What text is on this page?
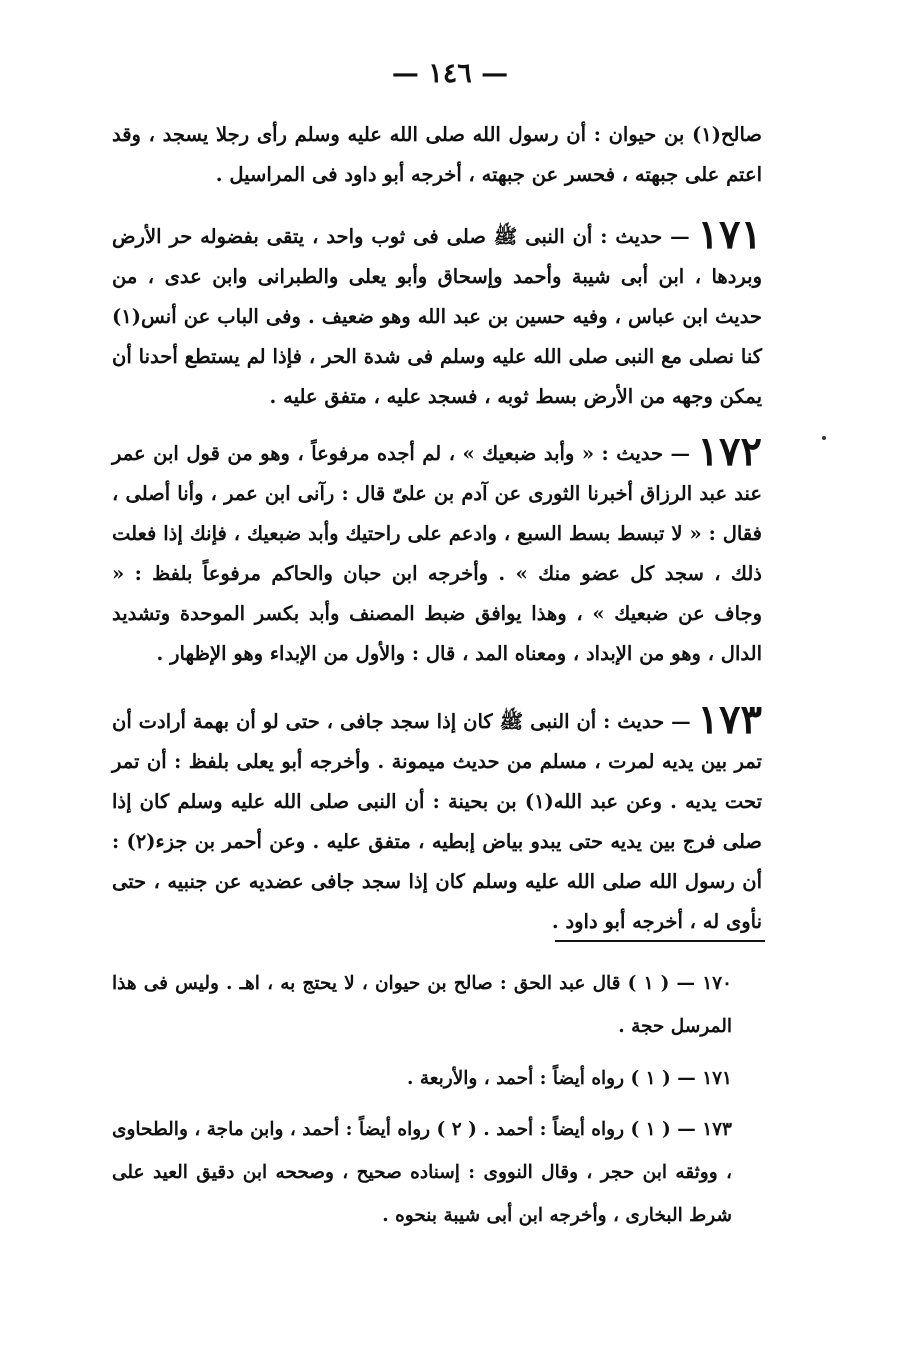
— ١٤٦ —

صالح(١) بن حيوان : أن رسول الله صلى الله عليه وسلم رأى رجلا يسجد ، وقد اعتم على جبهته ، فحسر عن جبهته ، أخرجه أبو داود فى المراسيل .

١٧١ — حديث : أن النبى ﷺ صلى فى ثوب واحد ، يتقى بفضوله حر الأرض وبردها ، ابن أبى شيبة وأحمد وإسحاق وأبو يعلى والطبرانى وابن عدى ، من حديث ابن عباس ، وفيه حسين بن عبد الله وهو ضعيف . وفى الباب عن أنس(١) كنا نصلى مع النبى صلى الله عليه وسلم فى شدة الحر ، فإذا لم يستطع أحدنا أن يمكن وجهه من الأرض بسط ثوبه ، فسجد عليه ، متفق عليه .

١٧٢ — حديث : « وأبد ضبعيك » ، لم أجده مرفوعاً ، وهو من قول ابن عمر عند عبد الرزاق أخبرنا الثورى عن آدم بن علىّ قال : رآنى ابن عمر ، وأنا أصلى ، فقال : « لا تبسط بسط السبع ، وادعم على راحتيك وأبد ضبعيك ، فإنك إذا فعلت ذلك ، سجد كل عضو منك » . وأخرجه ابن حبان والحاكم مرفوعاً بلفظ : « وجاف عن ضبعيك » ، وهذا يوافق ضبط المصنف وأبد بكسر الموحدة وتشديد الدال ، وهو من الإبداد ، ومعناه المد ، قال : والأول من الإبداء وهو الإظهار .

١٧٣ — حديث : أن النبى ﷺ كان إذا سجد جافى ، حتى لو أن بهمة أرادت أن تمر بين يديه لمرت ، مسلم من حديث ميمونة . وأخرجه أبو يعلى بلفظ : أن تمر تحت يديه . وعن عبد الله(١) بن بحينة : أن النبى صلى الله عليه وسلم كان إذا صلى فرج بين يديه حتى يبدو بياض إبطيه ، متفق عليه . وعن أحمر بن جزء(٢) : أن رسول الله صلى الله عليه وسلم كان إذا سجد جافى عضديه عن جنبيه ، حتى نأوى له ، أخرجه أبو داود .

١٧٠ — ( ١ ) قال عبد الحق : صالح بن حيوان ، لا يحتج به ، اهـ . وليس فى هذا المرسل حجة .

١٧١ — ( ١ ) رواه أيضاً : أحمد ، والأربعة .

١٧٣ — ( ١ ) رواه أيضاً : أحمد . ( ٢ ) رواه أيضاً : أحمد ، وابن ماجة ، والطحاوى ، ووثقه ابن حجر ، وقال النووى : إسناده صحيح ، وصححه ابن دقيق العيد على شرط البخارى ، وأخرجه ابن أبى شيبة بنحوه .
